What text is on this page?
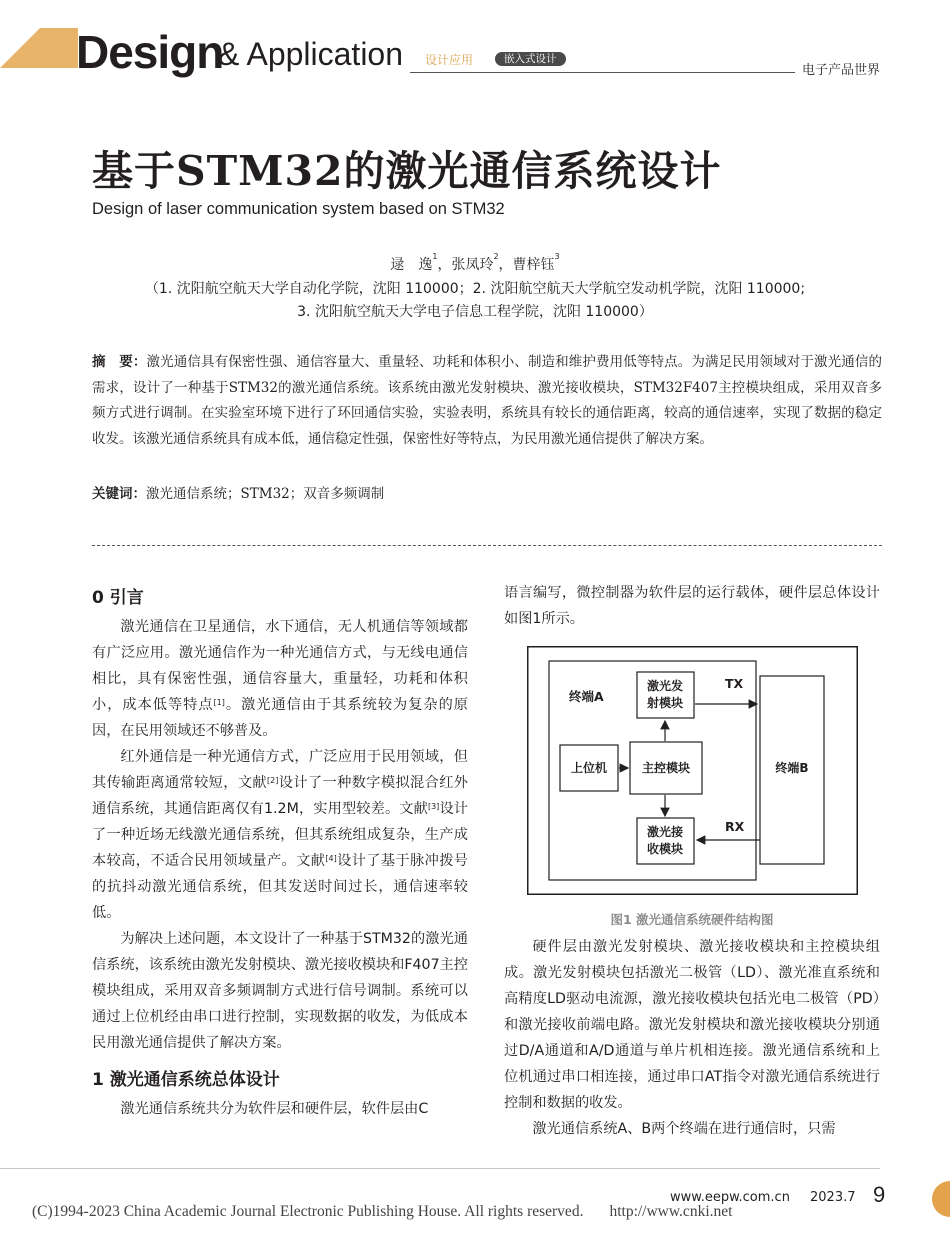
Design
& Application 设计应用	嵌入式设计
电子产品世界
基于STM32的激光通信系统设计
Design of laser communication system based on STM32
逯　逸$^1$，张凤玲$^2$，曹梓钰$^3$
（1. 沈阳航空航天大学自动化学院，沈阳 110000；2. 沈阳航空航天大学航空发动机学院，沈阳 110000;
3. 沈阳航空航天大学电子信息工程学院，沈阳 110000）
摘　要：激光通信具有保密性强、通信容量大、重量轻、功耗和体积小、制造和维护费用低等特点。为满足民用领域对于激光通信的需求，设计了一种基于STM32的激光通信系统。该系统由激光发射模块、激光接收模块，STM32F407主控模块组成，采用双音多频方式进行调制。在实验室环境下进行了环回通信实验，实验表明，系统具有较长的通信距离，较高的通信速率，实现了数据的稳定收发。该激光通信系统具有成本低，通信稳定性强，保密性好等特点，为民用激光通信提供了解决方案。
关键词：激光通信系统；STM32；双音多频调制
0 引言

激光通信在卫星通信，水下通信，无人机通信等领域都有广泛应用。激光通信作为一种光通信方式，与无线电通信相比，具有保密性强，通信容量大，重量轻，功耗和体积小，成本低等特点[1]。激光通信由于其系统较为复杂的原因，在民用领域还不够普及。

红外通信是一种光通信方式，广泛应用于民用领域，但其传输距离通常较短，文献[2]设计了一种数字模拟混合红外通信系统，其通信距离仅有1.2M，实用型较差。文献[3]设计了一种近场无线激光通信系统，但其系统组成复杂，生产成本较高，不适合民用领域量产。文献[4]设计了基于脉冲拨号的抗抖动激光通信系统，但其发送时间过长，通信速率较低。

为解决上述问题，本文设计了一种基于STM32的激光通信系统，该系统由激光发射模块、激光接收模块和F407主控模块组成，采用双音多频调制方式进行信号调制。系统可以通过上位机经由串口进行控制，实现数据的收发，为低成本民用激光通信提供了解决方案。

1 激光通信系统总体设计

激光通信系统共分为软件层和硬件层，软件层由C

语言编写，微控制器为软件层的运行载体，硬件层总体设计如图1所示。

终端A
激光发
射模块
上位机	主控模块
激光接
收模块
终端B
TX
RX
图1 激光通信系统硬件结构图

硬件层由激光发射模块、激光接收模块和主控模块组成。激光发射模块包括激光二极管（LD）、激光准直系统和高精度LD驱动电流源，激光接收模块包括光电二极管（PD）和激光接收前端电路。激光发射模块和激光接收模块分别通过D/A通道和A/D通道与单片机相连接。激光通信系统和上位机通过串口相连接，通过串口AT指令对激光通信系统进行控制和数据的收发。

激光通信系统A、B两个终端在进行通信时，只需

www.eepw.com.cn 2023.7 9
(C)1994-2023 China Academic Journal Electronic Publishing House. All rights reserved. http://www.cnki.net
